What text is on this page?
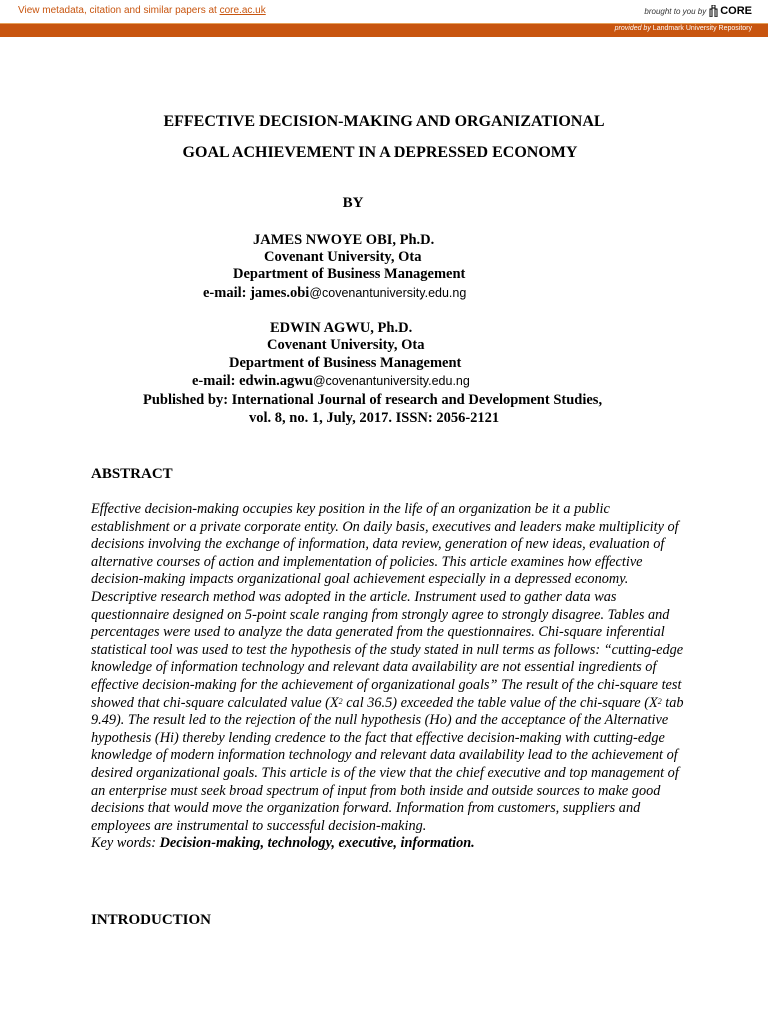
View metadata, citation and similar papers at core.ac.uk	brought to you by CORE
provided by Landmark University Repository
EFFECTIVE DECISION-MAKING AND ORGANIZATIONAL
GOAL ACHIEVEMENT IN A DEPRESSED ECONOMY
BY
JAMES NWOYE OBI, Ph.D.
Covenant University, Ota
Department of Business Management
e-mail: james.obi@covenantuniversity.edu.ng
EDWIN AGWU, Ph.D.
Covenant University, Ota
Department of Business Management
e-mail: edwin.agwu@covenantuniversity.edu.ng
Published by: International Journal of research and Development Studies,
vol. 8, no. 1, July, 2017. ISSN: 2056-2121
ABSTRACT

Effective decision-making occupies key position in the life of an organization be it a public establishment or a private corporate entity. On daily basis, executives and leaders make multiplicity of decisions involving the exchange of information, data review, generation of new ideas, evaluation of alternative courses of action and implementation of policies. This article examines how effective decision-making impacts organizational goal achievement especially in a depressed economy. Descriptive research method was adopted in the article. Instrument used to gather data was questionnaire designed on 5-point scale ranging from strongly agree to strongly disagree. Tables and percentages were used to analyze the data generated from the questionnaires. Chi-square inferential statistical tool was used to test the hypothesis of the study stated in null terms as follows: “cutting-edge knowledge of information technology and relevant data availability are not essential ingredients of effective decision-making for the achievement of organizational goals” The result of the chi-square test showed that chi-square calculated value ($X^2$ cal 36.5) exceeded the table value of the chi-square ($X^2$ tab 9.49). The result led to the rejection of the null hypothesis (Ho) and the acceptance of the Alternative hypothesis (Hi) thereby lending credence to the fact that effective decision-making with cutting-edge knowledge of modern information technology and relevant data availability lead to the achievement of desired organizational goals. This article is of the view that the chief executive and top management of an enterprise must seek broad spectrum of input from both inside and outside sources to make good decisions that would move the organization forward. Information from customers, suppliers and employees are instrumental to successful decision-making.

Key words: Decision-making, technology, executive, information.

INTRODUCTION
